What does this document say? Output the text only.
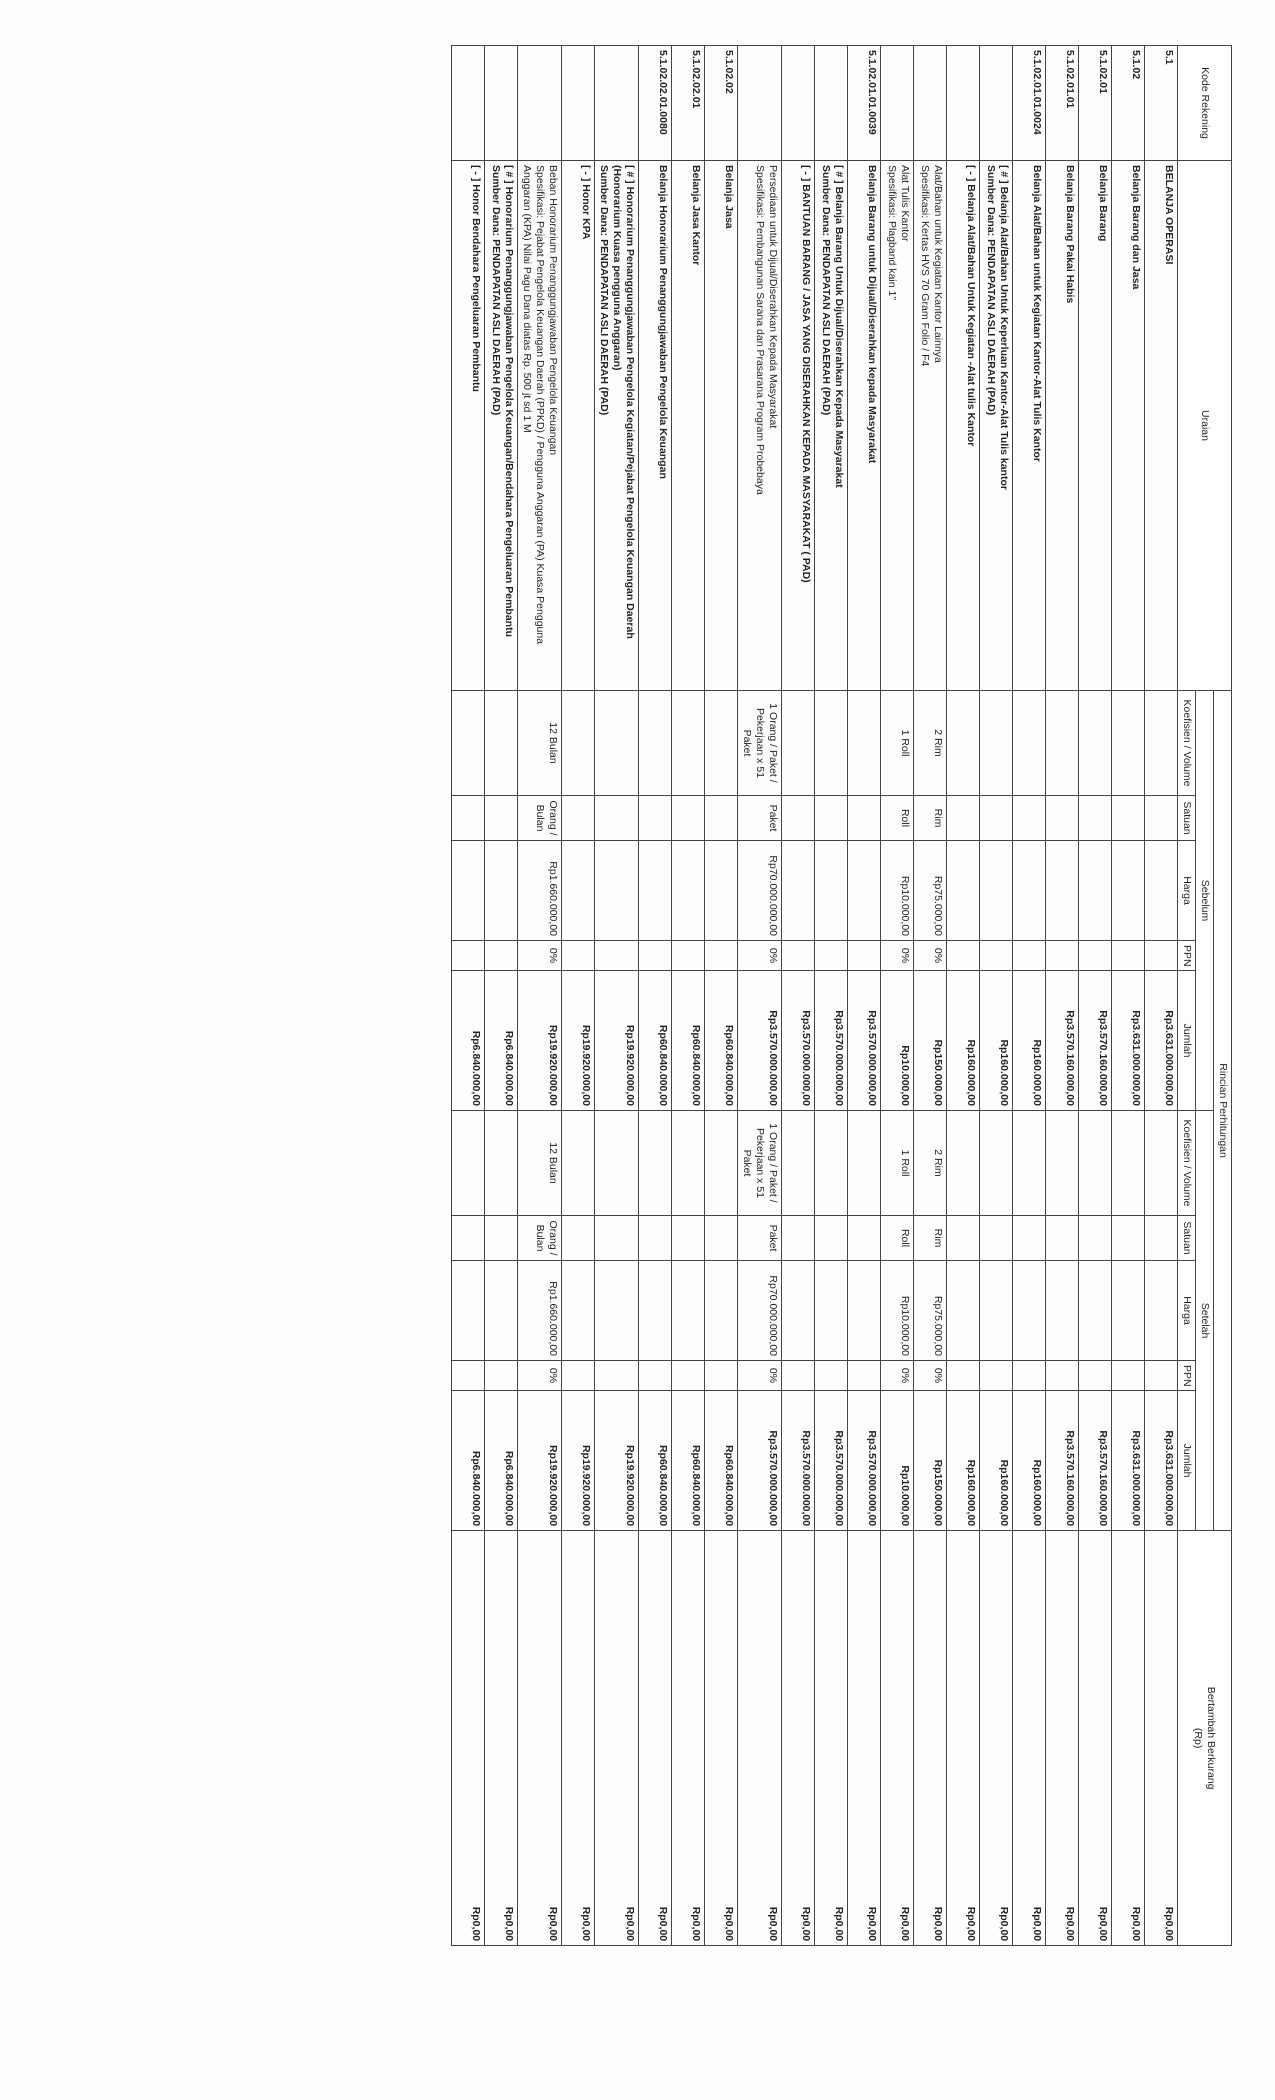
Kode Rekening	Uraian	Rincian Perhitungan										Bertambah Berkurang
(Rp)
		Sebelum					Setelah					
		Koefisien / Volume	Satuan	Harga	PPN	Jumlah	Koefisien / Volume	Satuan	Harga	PPN	Jumlah	
5.1	BELANJA OPERASI					Rp3.631.000.000,00					Rp3.631.000.000,00	Rp0,00
5.1.02	Belanja Barang dan Jasa					Rp3.631.000.000,00					Rp3.631.000.000,00	Rp0,00
5.1.02.01	Belanja Barang					Rp3.570.160.000,00					Rp3.570.160.000,00	Rp0,00
5.1.02.01.01	Belanja Barang Pakai Habis					Rp3.570.160.000,00					Rp3.570.160.000,00	Rp0,00
5.1.02.01.01.0024	Belanja Alat/Bahan untuk Kegiatan Kantor-Alat Tulis Kantor					Rp160.000,00					Rp160.000,00	Rp0,00

	[ # ] Belanja Alat/Bahan Untuk Keperluan Kantor-Alat Tulis kantor
Sumber Dana: PENDAPATAN ASLI DAERAH (PAD)					Rp160.000,00					Rp160.000,00	Rp0,00

	[ - ] Belanja Alat/Bahan Untuk Kegiatan -Alat tulis Kantor					Rp160.000,00					Rp160.000,00	Rp0,00

	Alat/Bahan untuk Kegiatan Kantor Lainnya
Spesifikasi: Kertas HVS 70 Gram Folio / F4	2 Rim	Rim	Rp75.000,00	0%	Rp150.000,00	2 Rim	Rim	Rp75.000,00	0%	Rp150.000,00	Rp0,00

	Alat Tulis Kantor
Spesifikasi: Plagband kain 1"	1 Roll	Roll	Rp10.000,00	0%	Rp10.000,00	1 Roll	Roll	Rp10.000,00	0%	Rp10.000,00	Rp0,00
5.1.02.01.01.0039	Belanja Barang untuk Dijual/Diserahkan kepada Masyarakat					Rp3.570.000.000,00					Rp3.570.000.000,00	Rp0,00

	[ # ] Belanja Barang Untuk Dijual/Diserahkan Kepada Masyarakat
Sumber Dana: PENDAPATAN ASLI DAERAH (PAD)					Rp3.570.000.000,00					Rp3.570.000.000,00	Rp0,00

	[ - ] BANTUAN BARANG / JASA YANG DISERAHKAN KEPADA MASYARAKAT ( PAD)					Rp3.570.000.000,00					Rp3.570.000.000,00	Rp0,00

	Persediaan untuk Dijual/Diserahkan Kepada Masyarakat
Spesifikasi: Pembangunan Sarana dan Prasarana Program Probebaya	1 Orang / Paket / Pekerjaan x 51 Paket	Paket	Rp70.000.000,00	0%	Rp3.570.000.000,00	1 Orang / Paket / Pekerjaan x 51 Paket	Paket	Rp70.000.000,00	0%	Rp3.570.000.000,00	Rp0,00
5.1.02.02	Belanja Jasa					Rp60.840.000,00					Rp60.840.000,00	Rp0,00
5.1.02.02.01	Belanja Jasa Kantor					Rp60.840.000,00					Rp60.840.000,00	Rp0,00
5.1.02.02.01.0080	Belanja Honorarium Penanggungjawaban Pengelola Keuangan					Rp60.840.000,00					Rp60.840.000,00	Rp0,00

	[ # ] Honorarium Penanggungjawaban Pengelola Kegiatan/Pejabat Pengelola Keuangan Daerah (Honorarium Kuasa pengguna Anggaran)
Sumber Dana: PENDAPATAN ASLI DAERAH (PAD)					Rp19.920.000,00					Rp19.920.000,00	Rp0,00

	[ - ] Honor KPA					Rp19.920.000,00					Rp19.920.000,00	Rp0,00

	Beban Honorarium Penanggungjawaban Pengelola Keuangan
Spesifikasi: Pejabat Pengelola Keuangan Daerah (PPKD) / Pengguna Anggaran (PA) Kuasa Pengguna Anggaran (KPA) Nilai Pagu Dana diatas Rp. 500 jt sd 1 M	12 Bulan	Orang / Bulan	Rp1.660.000,00	0%	Rp19.920.000,00	12 Bulan	Orang / Bulan	Rp1.660.000,00	0%	Rp19.920.000,00	Rp0,00

	[ # ] Honorarium Penanggungjawaban Pengelola Keuangan/Bendahara Pengeluaran Pembantu
Sumber Dana: PENDAPATAN ASLI DAERAH (PAD)					Rp6.840.000,00					Rp6.840.000,00	Rp0,00

	[ - ] Honor Bendahara Pengeluaran Pembantu					Rp6.840.000,00					Rp6.840.000,00	Rp0,00
